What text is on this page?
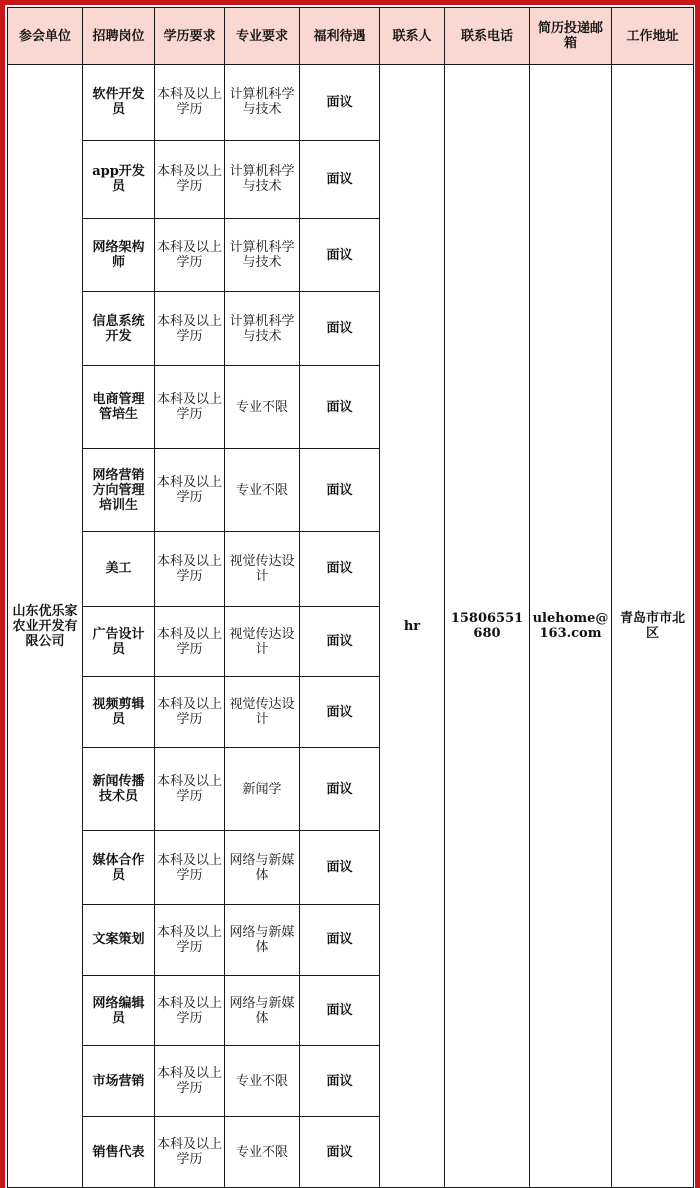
参会单位	招聘岗位	学历要求	专业要求	福利待遇	联系人	联系电话	简历投递邮箱	工作地址
山东优乐家农业开发有限公司	软件开发员	本科及以上学历	计算机科学与技术	面议	hr	15806551680	ulehome@163.com	青岛市市北区
	app开发员	本科及以上学历	计算机科学与技术	面议				
	网络架构师	本科及以上学历	计算机科学与技术	面议				
	信息系统开发	本科及以上学历	计算机科学与技术	面议				
	电商管理管培生	本科及以上学历	专业不限	面议				
	网络营销方向管理培训生	本科及以上学历	专业不限	面议				
	美工	本科及以上学历	视觉传达设计	面议				
	广告设计员	本科及以上学历	视觉传达设计	面议				
	视频剪辑员	本科及以上学历	视觉传达设计	面议				
	新闻传播技术员	本科及以上学历	新闻学	面议				
	媒体合作员	本科及以上学历	网络与新媒体	面议				
	文案策划	本科及以上学历	网络与新媒体	面议				
	网络编辑员	本科及以上学历	网络与新媒体	面议				
	市场营销	本科及以上学历	专业不限	面议				
	销售代表	本科及以上学历	专业不限	面议				
